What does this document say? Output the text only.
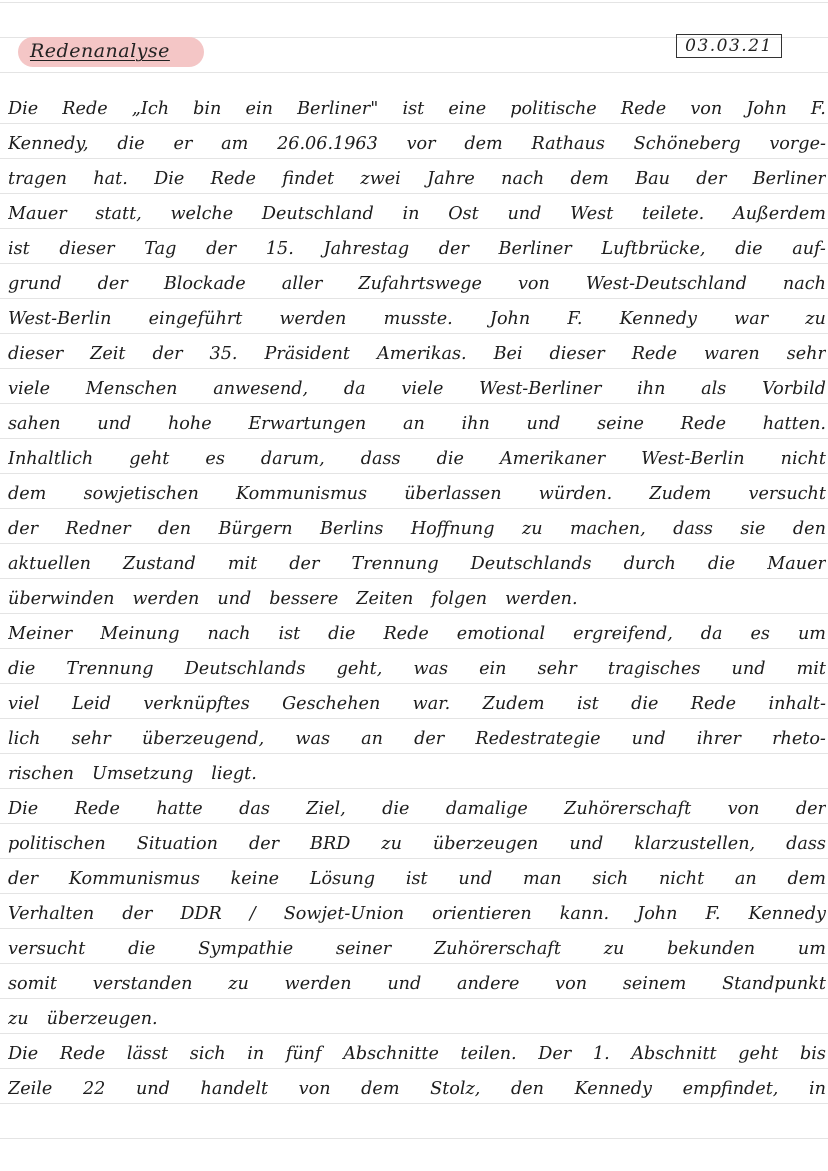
Redenanalyse	03.03.21
Die Rede „Ich bin ein Berliner" ist eine politische Rede von John F.
Kennedy, die er am 26.06.1963 vor dem Rathaus Schöneberg vorge-
tragen hat. Die Rede findet zwei Jahre nach dem Bau der Berliner
Mauer statt, welche Deutschland in Ost und West teilete. Außerdem
ist dieser Tag der 15. Jahrestag der Berliner Luftbrücke, die auf-
grund der Blockade aller Zufahrtswege von West-Deutschland nach
West-Berlin eingeführt werden musste. John F. Kennedy war zu
dieser Zeit der 35. Präsident Amerikas. Bei dieser Rede waren sehr
viele Menschen anwesend, da viele West-Berliner ihn als Vorbild
sahen und hohe Erwartungen an ihn und seine Rede hatten.
Inhaltlich geht es darum, dass die Amerikaner West-Berlin nicht
dem sowjetischen Kommunismus überlassen würden. Zudem versucht
der Redner den Bürgern Berlins Hoffnung zu machen, dass sie den
aktuellen Zustand mit der Trennung Deutschlands durch die Mauer
überwinden werden und bessere Zeiten folgen werden.
Meiner Meinung nach ist die Rede emotional ergreifend, da es um
die Trennung Deutschlands geht, was ein sehr tragisches und mit
viel Leid verknüpftes Geschehen war. Zudem ist die Rede inhalt-
lich sehr überzeugend, was an der Redestrategie und ihrer rheto-
rischen Umsetzung liegt.
Die Rede hatte das Ziel, die damalige Zuhörerschaft von der
politischen Situation der BRD zu überzeugen und klarzustellen, dass
der Kommunismus keine Lösung ist und man sich nicht an dem
Verhalten der DDR / Sowjet-Union orientieren kann. John F. Kennedy
versucht die Sympathie seiner Zuhörerschaft zu bekunden um
somit verstanden zu werden und andere von seinem Standpunkt
zu überzeugen.
Die Rede lässt sich in fünf Abschnitte teilen. Der 1. Abschnitt geht bis
Zeile 22 und handelt von dem Stolz, den Kennedy empfindet, in
